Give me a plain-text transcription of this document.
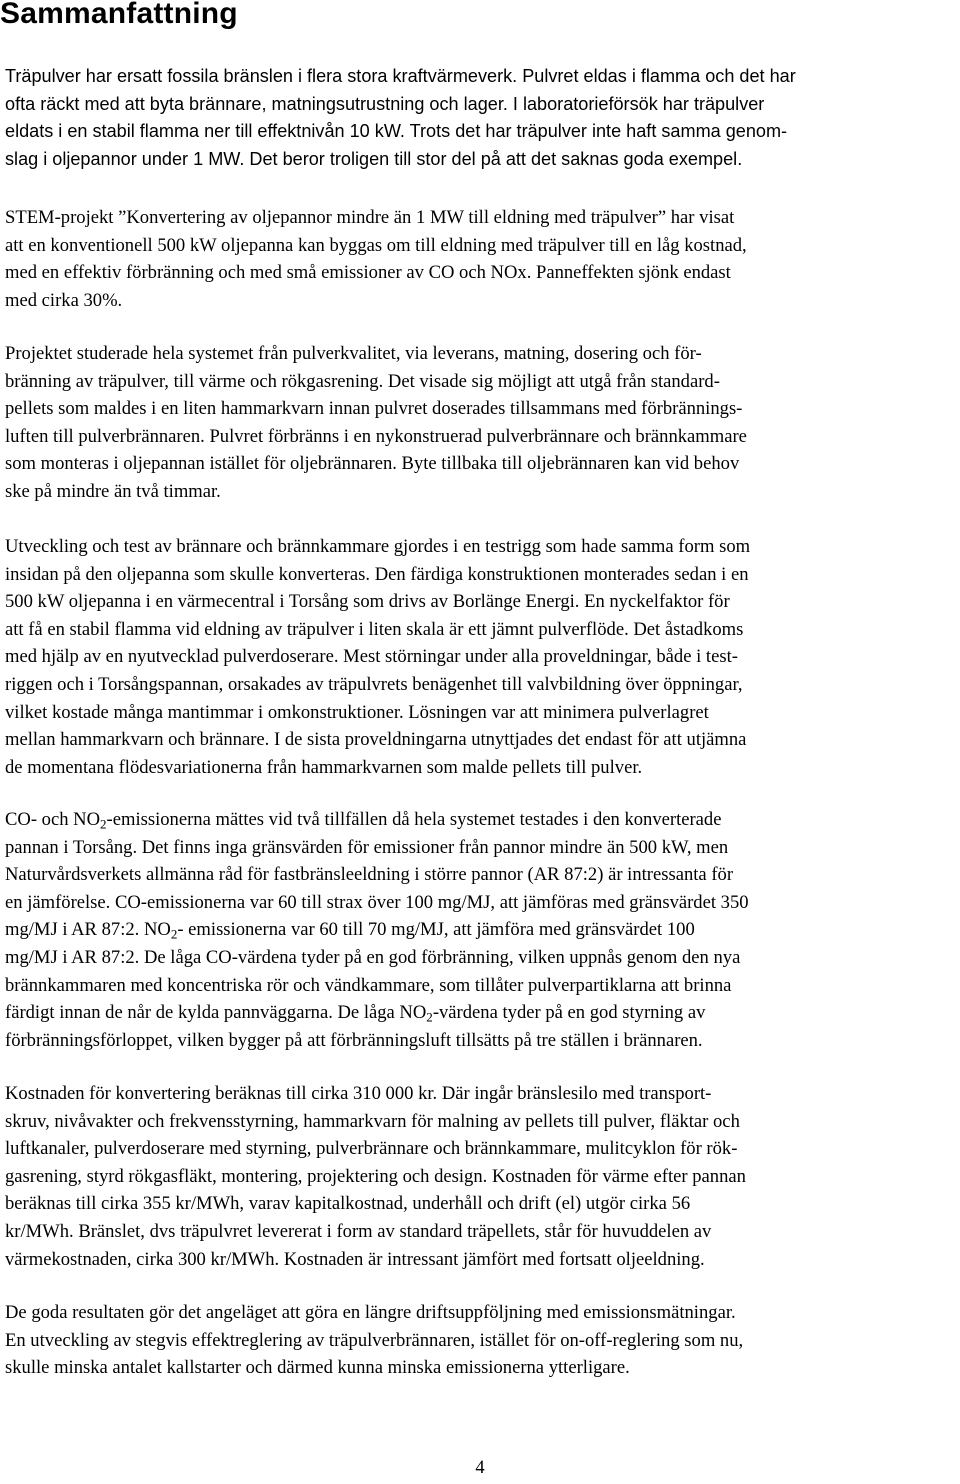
Sammanfattning
Träpulver har ersatt fossila bränslen i flera stora kraftvärmeverk. Pulvret eldas i flamma och det har
ofta räckt med att byta brännare, matningsutrustning och lager. I laboratorieförsök har träpulver
eldats i en stabil flamma ner till effektnivån 10 kW. Trots det har träpulver inte haft samma genom-
slag i oljepannor under 1 MW. Det beror troligen till stor del på att det saknas goda exempel.
STEM-projekt ”Konvertering av oljepannor mindre än 1 MW till eldning med träpulver” har visat
att en konventionell 500 kW oljepanna kan byggas om till eldning med träpulver till en låg kostnad,
med en effektiv förbränning och med små emissioner av CO och NOx. Panneffekten sjönk endast
med cirka 30%.
Projektet studerade hela systemet från pulverkvalitet, via leverans, matning, dosering och för-
bränning av träpulver, till värme och rökgasrening. Det visade sig möjligt att utgå från standard-
pellets som maldes i en liten hammarkvarn innan pulvret doserades tillsammans med förbrännings-
luften till pulverbrännaren. Pulvret förbränns i en nykonstruerad pulverbrännare och brännkammare
som monteras i oljepannan istället för oljebrännaren. Byte tillbaka till oljebrännaren kan vid behov
ske på mindre än två timmar.
Utveckling och test av brännare och brännkammare gjordes i en testrigg som hade samma form som
insidan på den oljepanna som skulle konverteras. Den färdiga konstruktionen monterades sedan i en
500 kW oljepanna i en värmecentral i Torsång som drivs av Borlänge Energi. En nyckelfaktor för
att få en stabil flamma vid eldning av träpulver i liten skala är ett jämnt pulverflöde. Det åstadkoms
med hjälp av en nyutvecklad pulverdoserare. Mest störningar under alla proveldningar, både i test-
riggen och i Torsångspannan, orsakades av träpulvrets benägenhet till valvbildning över öppningar,
vilket kostade många mantimmar i omkonstruktioner. Lösningen var att minimera pulverlagret
mellan hammarkvarn och brännare. I de sista proveldningarna utnyttjades det endast för att utjämna
de momentana flödesvariationerna från hammarkvarnen som malde pellets till pulver.
CO- och $NO_2$-emissionerna mättes vid två tillfällen då hela systemet testades i den konverterade
pannan i Torsång. Det finns inga gränsvärden för emissioner från pannor mindre än 500 kW, men
Naturvårdsverkets allmänna råd för fastbränsleeldning i större pannor (AR 87:2) är intressanta för
en jämförelse. CO-emissionerna var 60 till strax över 100 mg/MJ, att jämföras med gränsvärdet 350
mg/MJ i AR 87:2. $NO_2-$ emissionerna var 60 till 70 mg/MJ, att jämföra med gränsvärdet 100
mg/MJ i AR 87:2. De låga CO-värdena tyder på en god förbränning, vilken uppnås genom den nya
brännkammaren med koncentriska rör och vändkammare, som tillåter pulverpartiklarna att brinna
färdigt innan de når de kylda pannväggarna. De låga $NO_2$-värdena tyder på en god styrning av
förbränningsförloppet, vilken bygger på att förbränningsluft tillsätts på tre ställen i brännaren.
Kostnaden för konvertering beräknas till cirka 310 000 kr. Där ingår bränslesilo med transport-
skruv, nivåvakter och frekvensstyrning, hammarkvarn för malning av pellets till pulver, fläktar och
luftkanaler, pulverdoserare med styrning, pulverbrännare och brännkammare, mulitcyklon för rök-
gasrening, styrd rökgasfläkt, montering, projektering och design. Kostnaden för värme efter pannan
beräknas till cirka 355 kr/MWh, varav kapitalkostnad, underhåll och drift (el) utgör cirka 56
kr/MWh. Bränslet, dvs träpulvret levererat i form av standard träpellets, står för huvuddelen av
värmekostnaden, cirka 300 kr/MWh. Kostnaden är intressant jämfört med fortsatt oljeeldning.
De goda resultaten gör det angeläget att göra en längre driftsuppföljning med emissionsmätningar.
En utveckling av stegvis effektreglering av träpulverbrännaren, istället för on-off-reglering som nu,
skulle minska antalet kallstarter och därmed kunna minska emissionerna ytterligare.
4
